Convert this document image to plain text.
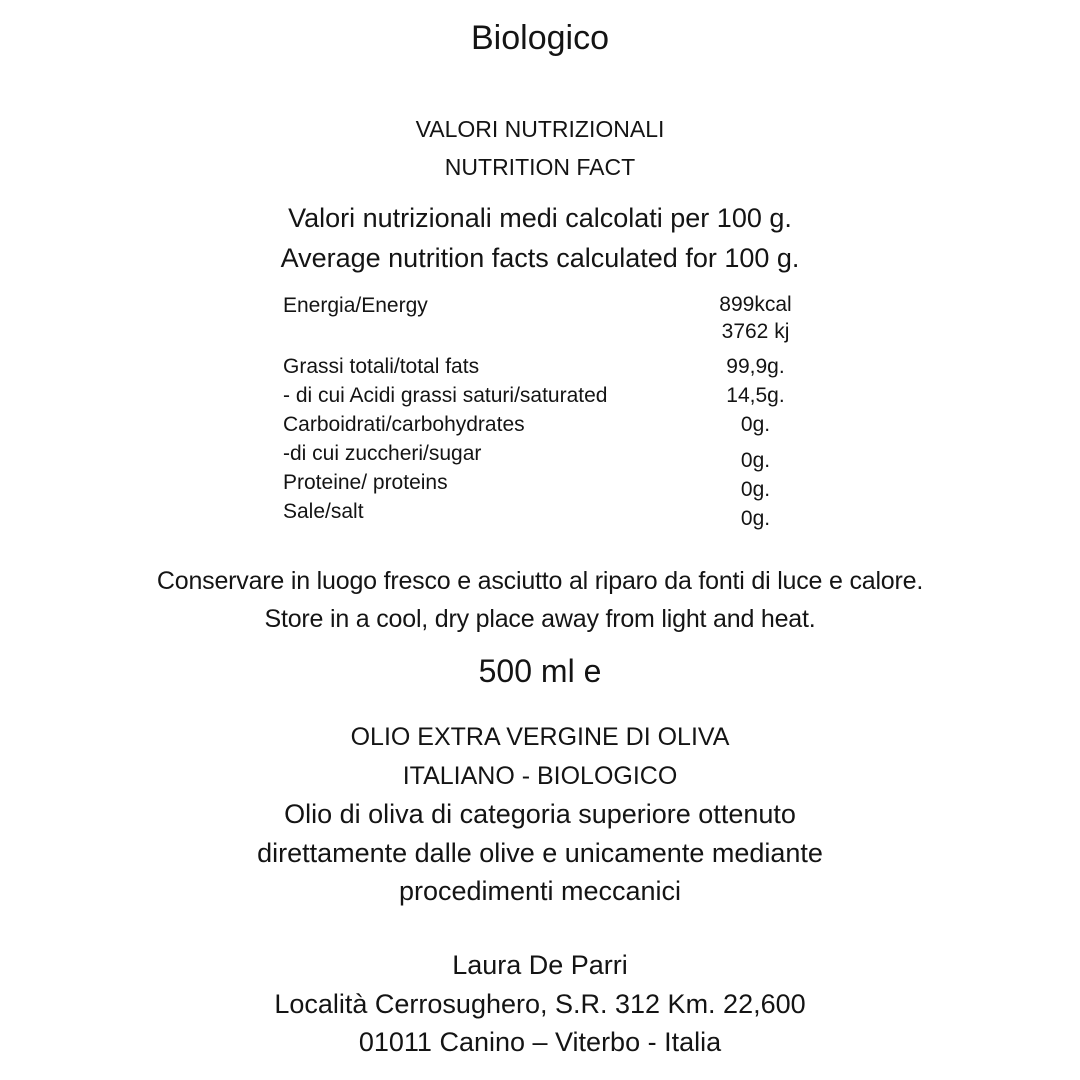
Biologico
VALORI NUTRIZIONALI
NUTRITION FACT
Valori nutrizionali medi calcolati per 100 g.
Average nutrition facts calculated for 100 g.
Energia/Energy	899kcal
3762 kj
Grassi totali/total fats	99,9g.
- di cui Acidi grassi saturi/saturated	14,5g.
Carboidrati/carbohydrates	0g.
-di cui zuccheri/sugar	0g.
Proteine/ proteins	0g.
Sale/salt	0g.
Conservare in luogo fresco e asciutto al riparo da fonti di luce e calore.
Store in a cool, dry place away from light and heat.
500 ml e
OLIO EXTRA VERGINE DI OLIVA
ITALIANO - BIOLOGICO
Olio di oliva di categoria superiore ottenuto
direttamente dalle olive e unicamente mediante
procedimenti meccanici
Laura De Parri
Località Cerrosughero, S.R. 312 Km. 22,600
01011 Canino – Viterbo - Italia
